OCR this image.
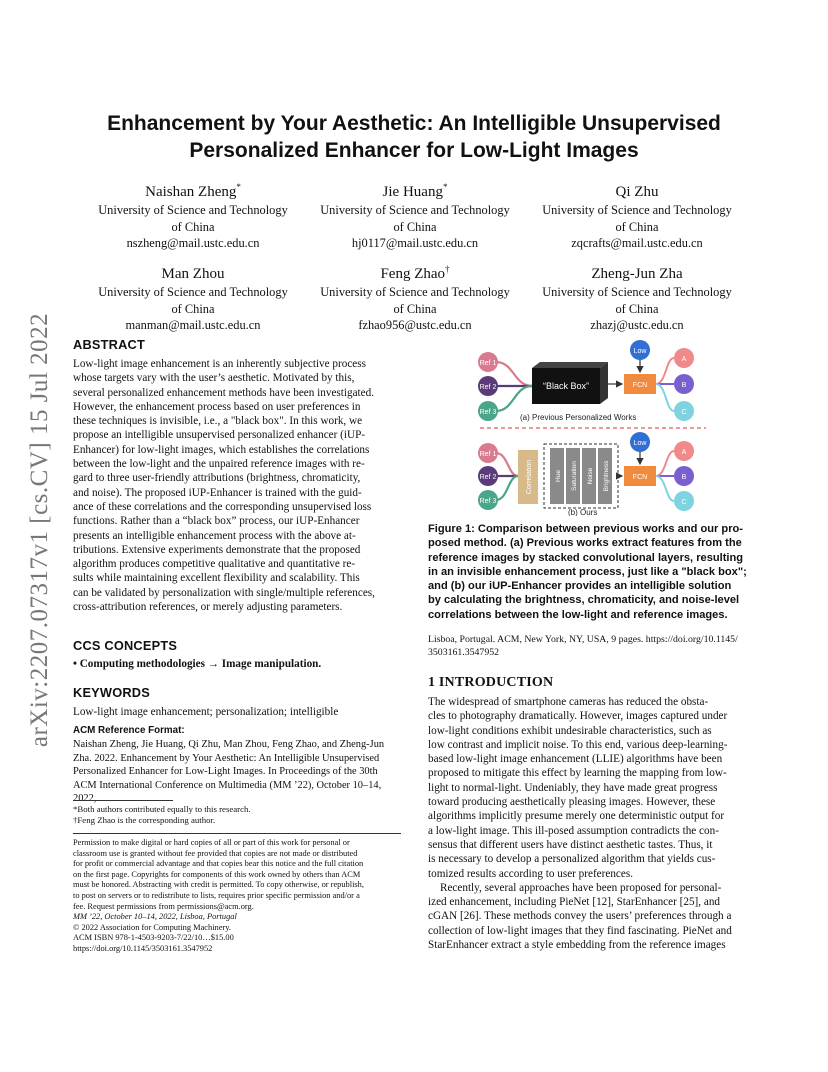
arXiv:2207.07317v1 [cs.CV] 15 Jul 2022
Enhancement by Your Aesthetic: An Intelligible Unsupervised
Personalized Enhancer for Low-Light Images
Naishan Zheng*
University of Science and Technology
of China
nszheng@mail.ustc.edu.cn
Jie Huang*
University of Science and Technology
of China
hj0117@mail.ustc.edu.cn
Qi Zhu
University of Science and Technology
of China
zqcrafts@mail.ustc.edu.cn
Man Zhou
University of Science and Technology
of China
manman@mail.ustc.edu.cn
Feng Zhao†
University of Science and Technology
of China
fzhao956@ustc.edu.cn
Zheng-Jun Zha
University of Science and Technology
of China
zhazj@ustc.edu.cn
ABSTRACT
Low-light image enhancement is an inherently subjective process
whose targets vary with the user’s aesthetic. Motivated by this,
several personalized enhancement methods have been investigated.
However, the enhancement process based on user preferences in
these techniques is invisible, i.e., a "black box". In this work, we
propose an intelligible unsupervised personalized enhancer (iUP-
Enhancer) for low-light images, which establishes the correlations
between the low-light and the unpaired reference images with re-
gard to three user-friendly attributions (brightness, chromaticity,
and noise). The proposed iUP-Enhancer is trained with the guid-
ance of these correlations and the corresponding unsupervised loss
functions. Rather than a “black box” process, our iUP-Enhancer
presents an intelligible enhancement process with the above at-
tributions. Extensive experiments demonstrate that the proposed
algorithm produces competitive qualitative and quantitative re-
sults while maintaining excellent flexibility and scalability. This
can be validated by personalization with single/multiple references,
cross-attribution references, or merely adjusting parameters.
CCS CONCEPTS
• Computing methodologies → Image manipulation.
KEYWORDS
Low-light image enhancement; personalization; intelligible
ACM Reference Format:
Naishan Zheng, Jie Huang, Qi Zhu, Man Zhou, Feng Zhao, and Zheng-Jun
Zha. 2022. Enhancement by Your Aesthetic: An Intelligible Unsupervised
Personalized Enhancer for Low-Light Images. In Proceedings of the 30th
ACM International Conference on Multimedia (MM ’22), October 10–14, 2022,
*Both authors contributed equally to this research.
†Feng Zhao is the corresponding author.
Permission to make digital or hard copies of all or part of this work for personal or
classroom use is granted without fee provided that copies are not made or distributed
for profit or commercial advantage and that copies bear this notice and the full citation
on the first page. Copyrights for components of this work owned by others than ACM
must be honored. Abstracting with credit is permitted. To copy otherwise, or republish,
to post on servers or to redistribute to lists, requires prior specific permission and/or a
fee. Request permissions from permissions@acm.org.
MM ’22, October 10–14, 2022, Lisboa, Portugal
© 2022 Association for Computing Machinery.
ACM ISBN 978-1-4503-9203-7/22/10…$15.00
https://doi.org/10.1145/3503161.3547952
Ref 1
Ref 2
Ref 3
“Black Box”	FCN
Low
A
B
C
(a) Previous Personalized Works
Ref 1
Ref 2
Ref 3
Correlation	Hue Saturation Noise Brightness	FCN
Low
A
B
C
(b) Ours
Figure 1: Comparison between previous works and our pro-
posed method. (a) Previous works extract features from the
reference images by stacked convolutional layers, resulting
in an invisible enhancement process, just like a "black box";
and (b) our iUP-Enhancer provides an intelligible solution
by calculating the brightness, chromaticity, and noise-level
correlations between the low-light and reference images.
Lisboa, Portugal. ACM, New York, NY, USA, 9 pages. https://doi.org/10.1145/
3503161.3547952
1 INTRODUCTION
The widespread of smartphone cameras has reduced the obsta-
cles to photography dramatically. However, images captured under
low-light conditions exhibit undesirable characteristics, such as
low contrast and implicit noise. To this end, various deep-learning-
based low-light image enhancement (LLIE) algorithms have been
proposed to mitigate this effect by learning the mapping from low-
light to normal-light. Undeniably, they have made great progress
toward producing aesthetically pleasing images. However, these
algorithms implicitly presume merely one deterministic output for
a low-light image. This ill-posed assumption contradicts the con-
sensus that different users have distinct aesthetic tastes. Thus, it
is necessary to develop a personalized algorithm that yields cus-
tomized results according to user preferences.
Recently, several approaches have been proposed for personal-
ized enhancement, including PieNet [12], StarEnhancer [25], and
cGAN [26]. These methods convey the users’ preferences through a
collection of low-light images that they find fascinating. PieNet and
StarEnhancer extract a style embedding from the reference images
